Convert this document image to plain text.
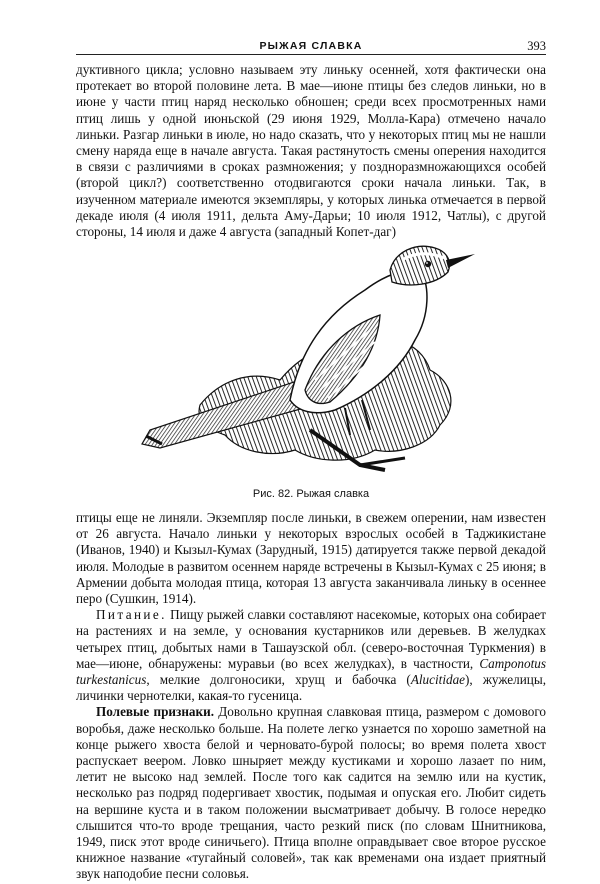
РЫЖАЯ СЛАВКА	393

дуктивного цикла; условно называем эту линьку осенней, хотя фактически она протекает во второй половине лета. В мае—июне птицы без следов линьки, но в июне у части птиц наряд несколько обношен; среди всех просмотренных нами птиц лишь у одной июньской (29 июня 1929, Молла-Кара) отмечено начало линьки. Разгар линьки в июле, но надо сказать, что у некоторых птиц мы не нашли смену наряда еще в начале августа. Такая растянутость смены оперения находится в связи с различиями в сроках размножения; у поздноразмножающихся особей (второй цикл?) соответственно отодвигаются сроки начала линьки. Так, в изученном материале имеются экземпляры, у которых линька отмечается в первой декаде июля (4 июля 1911, дельта Аму-Дарьи; 10 июля 1912, Чатлы), с другой стороны, 14 июля и даже 4 августа (западный Копет-даг)

Рис. 82. Рыжая славка

птицы еще не линяли. Экземпляр после линьки, в свежем оперении, нам известен от 26 августа. Начало линьки у некоторых взрослых особей в Таджикистане (Иванов, 1940) и Кызыл-Кумах (Зарудный, 1915) датируется также первой декадой июля. Молодые в развитом осеннем наряде встречены в Кызыл-Кумах с 25 июня; в Армении добыта молодая птица, которая 13 августа заканчивала линьку в осеннее перо (Сушкин, 1914).

Питание. Пищу рыжей славки составляют насекомые, которых она собирает на растениях и на земле, у основания кустарников или деревьев. В желудках четырех птиц, добытых нами в Ташаузской обл. (северо-восточная Туркмения) в мае—июне, обнаружены: муравьи (во всех желудках), в частности, Camponotus turkestanicus, мелкие долгоносики, хрущ и бабочка (Alucitidae), жужелицы, личинки чернотелки, какая-то гусеница.

Полевые признаки. Довольно крупная славковая птица, размером с домового воробья, даже несколько больше. На полете легко узнается по хорошо заметной на конце рыжего хвоста белой и черновато-бурой полосы; во время полета хвост распускает веером. Ловко шныряет между кустиками и хорошо лазает по ним, летит не высоко над землей. После того как садится на землю или на кустик, несколько раз подряд подергивает хвостик, подымая и опуская его. Любит сидеть на вершине куста и в таком положении высматривает добычу. В голосе нередко слышится что-то вроде трещания, часто резкий писк (по словам Шнитникова, 1949, писк этот вроде синичьего). Птица вполне оправдывает свое второе русское книжное название «тугайный соловей», так как временами она издает приятный звук наподобие песни соловья.
